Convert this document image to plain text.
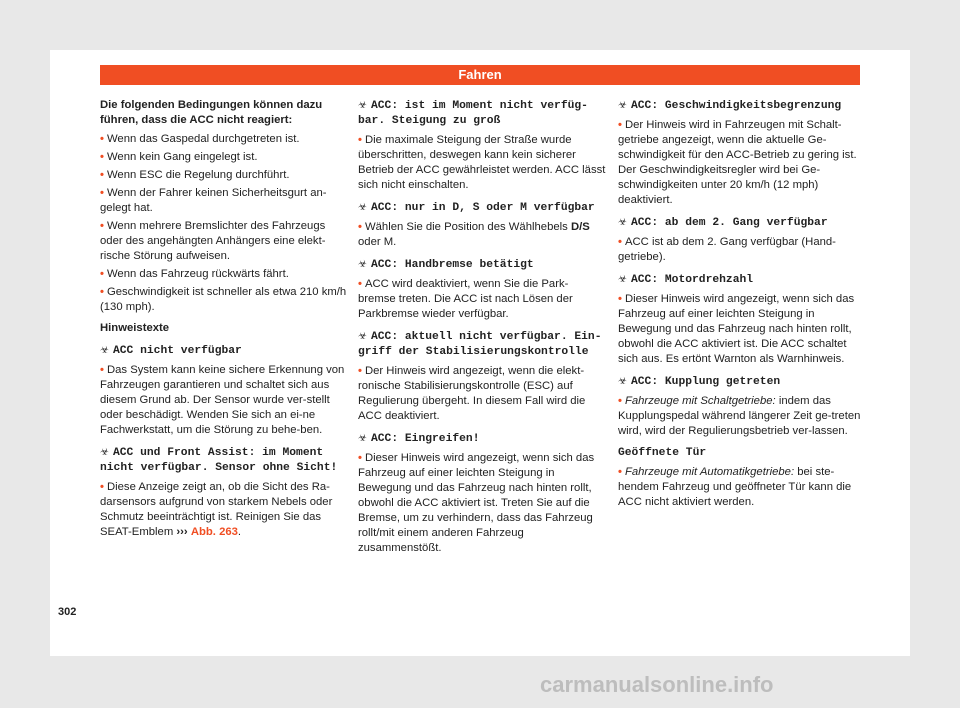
Fahren

Die folgenden Bedingungen können dazu führen, dass die ACC nicht reagiert:

• Wenn das Gaspedal durchgetreten ist.

• Wenn kein Gang eingelegt ist.

• Wenn ESC die Regelung durchführt.

• Wenn der Fahrer keinen Sicherheitsgurt an-gelegt hat.

• Wenn mehrere Bremslichter des Fahrzeugs oder des angehängten Anhängers eine elekt-rische Störung aufweisen.

• Wenn das Fahrzeug rückwärts fährt.

• Geschwindigkeit ist schneller als etwa 210 km/h (130 mph).

Hinweistexte

☣ ACC nicht verfügbar

• Das System kann keine sichere Erkennung von Fahrzeugen garantieren und schaltet sich aus diesem Grund ab. Der Sensor wurde ver-stellt oder beschädigt. Wenden Sie sich an ei-ne Fachwerkstatt, um die Störung zu behe-ben.

☣ ACC und Front Assist: im Moment nicht verfügbar. Sensor ohne Sicht!

• Diese Anzeige zeigt an, ob die Sicht des Ra-darsensors aufgrund von starkem Nebels oder Schmutz beeinträchtigt ist. Reinigen Sie das SEAT-Emblem ››› Abb. 263.

☣ ACC: ist im Moment nicht verfüg-bar. Steigung zu groß

• Die maximale Steigung der Straße wurde überschritten, deswegen kann kein sicherer Betrieb der ACC gewährleistet werden. ACC lässt sich nicht einschalten.

☣ ACC: nur in D, S oder M verfügbar

• Wählen Sie die Position des Wählhebels D/S oder M.

☣ ACC: Handbremse betätigt

• ACC wird deaktiviert, wenn Sie die Park-bremse treten. Die ACC ist nach Lösen der Parkbremse wieder verfügbar.

☣ ACC: aktuell nicht verfügbar. Ein-griff der Stabilisierungskontrolle

• Der Hinweis wird angezeigt, wenn die elekt-ronische Stabilisierungskontrolle (ESC) auf Regulierung übergeht. In diesem Fall wird die ACC deaktiviert.

☣ ACC: Eingreifen!

• Dieser Hinweis wird angezeigt, wenn sich das Fahrzeug auf einer leichten Steigung in Bewegung und das Fahrzeug nach hinten rollt, obwohl die ACC aktiviert ist. Treten Sie auf die Bremse, um zu verhindern, dass das Fahrzeug rollt/mit einem anderen Fahrzeug zusammenstößt.

☣ ACC: Geschwindigkeitsbegrenzung

• Der Hinweis wird in Fahrzeugen mit Schalt-getriebe angezeigt, wenn die aktuelle Ge-schwindigkeit für den ACC-Betrieb zu gering ist. Der Geschwindigkeitsregler wird bei Ge-schwindigkeiten unter 20 km/h (12 mph) deaktiviert.

☣ ACC: ab dem 2. Gang verfügbar

• ACC ist ab dem 2. Gang verfügbar (Hand-getriebe).

☣ ACC: Motordrehzahl

• Dieser Hinweis wird angezeigt, wenn sich das Fahrzeug auf einer leichten Steigung in Bewegung und das Fahrzeug nach hinten rollt, obwohl die ACC aktiviert ist. Die ACC schaltet sich aus. Es ertönt Warnton als Warnhinweis.

☣ ACC: Kupplung getreten

• Fahrzeuge mit Schaltgetriebe: indem das Kupplungspedal während längerer Zeit ge-treten wird, wird der Regulierungsbetrieb ver-lassen.

Geöffnete Tür

• Fahrzeuge mit Automatikgetriebe: bei ste-hendem Fahrzeug und geöffneter Tür kann die ACC nicht aktiviert werden.

302
carmanualsonline.info
